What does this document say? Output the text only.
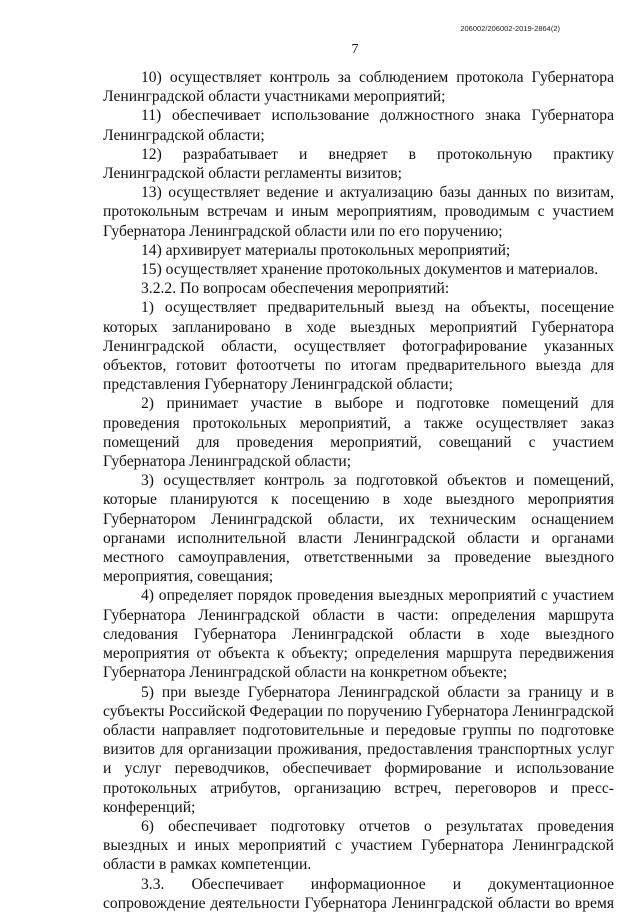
206002/206002-2019-2864(2)
7

10) осуществляет контроль за соблюдением протокола Губернатора Ленинградской области участниками мероприятий;

11) обеспечивает использование должностного знака Губернатора Ленинградской области;

12) разрабатывает и внедряет в протокольную практику Ленинградской области регламенты визитов;

13) осуществляет ведение и актуализацию базы данных по визитам, протокольным встречам и иным мероприятиям, проводимым с участием Губернатора Ленинградской области или по его поручению;

14) архивирует материалы протокольных мероприятий;

15) осуществляет хранение протокольных документов и материалов.

3.2.2. По вопросам обеспечения мероприятий:

1) осуществляет предварительный выезд на объекты, посещение которых запланировано в ходе выездных мероприятий Губернатора Ленинградской области, осуществляет фотографирование указанных объектов, готовит фотоотчеты по итогам предварительного выезда для представления Губернатору Ленинградской области;

2) принимает участие в выборе и подготовке помещений для проведения протокольных мероприятий, а также осуществляет заказ помещений для проведения мероприятий, совещаний с участием Губернатора Ленинградской области;

3) осуществляет контроль за подготовкой объектов и помещений, которые планируются к посещению в ходе выездного мероприятия Губернатором Ленинградской области, их техническим оснащением органами исполнительной власти Ленинградской области и органами местного самоуправления, ответственными за проведение выездного мероприятия, совещания;

4) определяет порядок проведения выездных мероприятий с участием Губернатора Ленинградской области в части: определения маршрута следования Губернатора Ленинградской области в ходе выездного мероприятия от объекта к объекту; определения маршрута передвижения Губернатора Ленинградской области на конкретном объекте;

5) при выезде Губернатора Ленинградской области за границу и в субъекты Российской Федерации по поручению Губернатора Ленинградской области направляет подготовительные и передовые группы по подготовке визитов для организации проживания, предоставления транспортных услуг и услуг переводчиков, обеспечивает формирование и использование протокольных атрибутов, организацию встреч, переговоров и пресс-конференций;

6) обеспечивает подготовку отчетов о результатах проведения выездных и иных мероприятий с участием Губернатора Ленинградской области в рамках компетенции.

3.3. Обеспечивает информационное и документационное сопровождение деятельности Губернатора Ленинградской области во время
